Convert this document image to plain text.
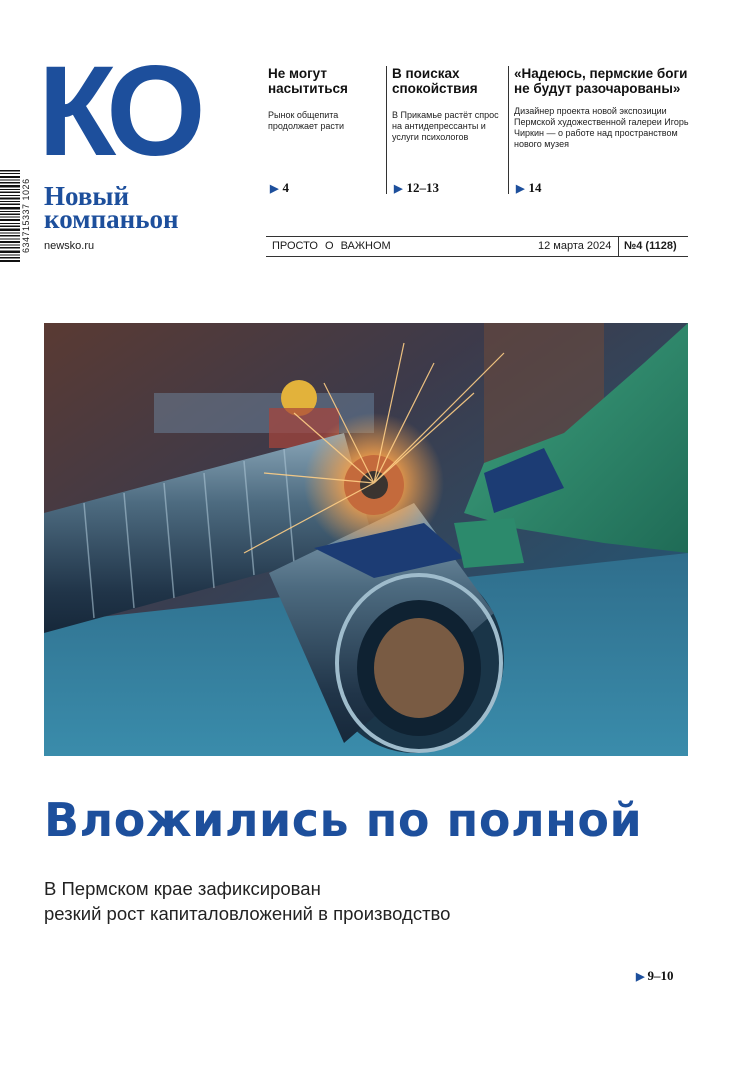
634715337 1026
КО
Новый
компаньон
newsko.ru
Не могут насытиться

Рынок общепита продолжает расти

▶ 4
В поисках спокойствия

В Прикамье растёт спрос на антидепрессанты и услуги психологов

▶ 12–13
«Надеюсь, пермские боги не будут разочарованы»

Дизайнер проекта новой экспозиции Пермской художественной галереи Игорь Чиркин — о работе над пространством нового музея

▶ 14
ПРОСТО О ВАЖНОМ	12 марта 2024 №4 (1128)
Вложились по полной
В Пермском крае зафиксирован
резкий рост капиталовложений в производство
▶ 9–10
